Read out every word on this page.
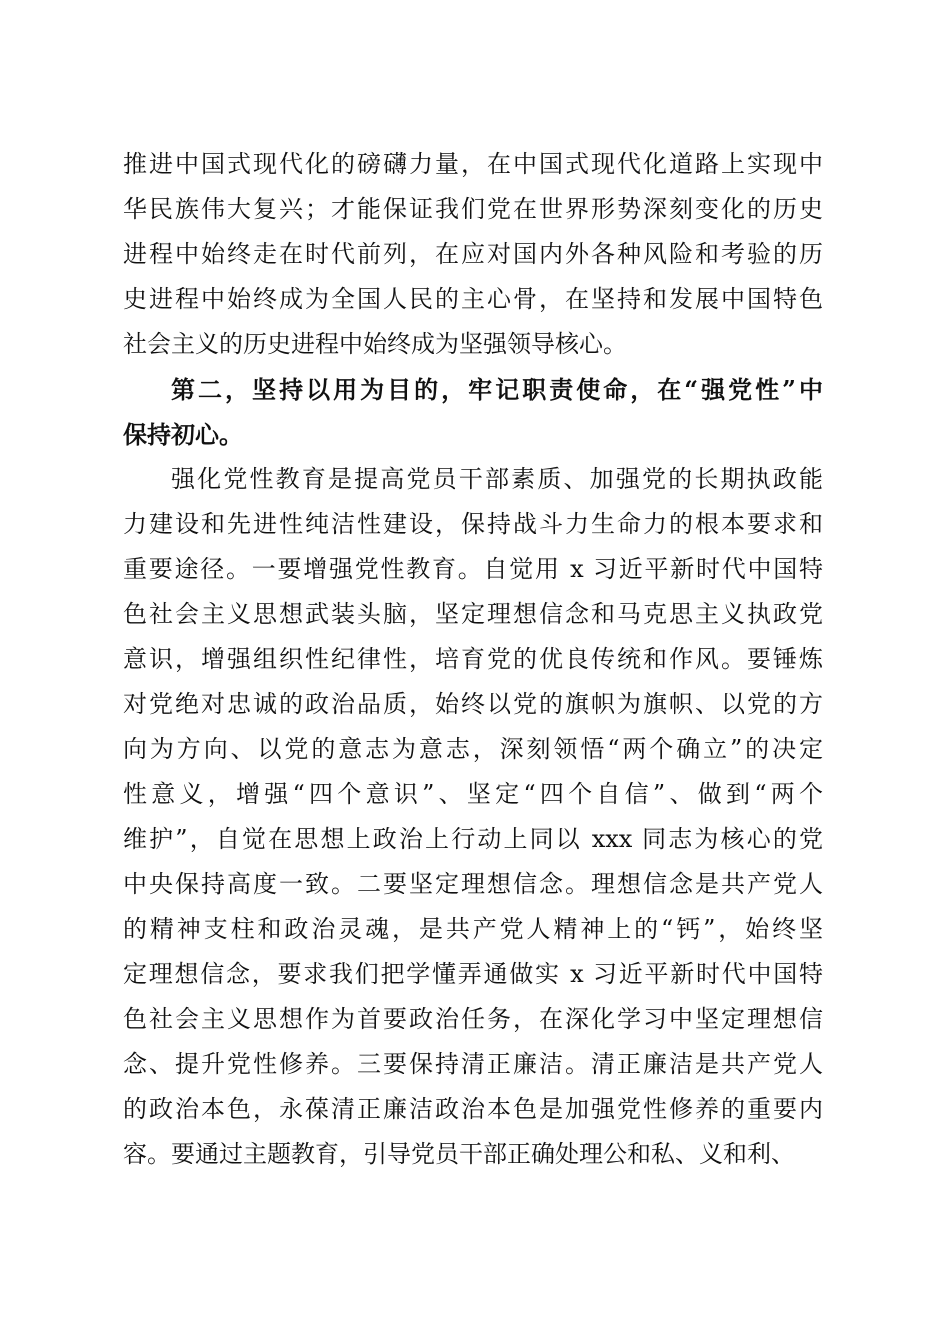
推进中国式现代化的磅礴力量，在中国式现代化道路上实现中
华民族伟大复兴；才能保证我们党在世界形势深刻变化的历史
进程中始终走在时代前列，在应对国内外各种风险和考验的历
史进程中始终成为全国人民的主心骨，在坚持和发展中国特色
社会主义的历史进程中始终成为坚强领导核心。
第二，坚持以用为目的，牢记职责使命，在“强党性”中
保持初心。
强化党性教育是提高党员干部素质、加强党的长期执政能
力建设和先进性纯洁性建设，保持战斗力生命力的根本要求和
重要途径。一要增强党性教育。自觉用 x 习近平新时代中国特
色社会主义思想武装头脑，坚定理想信念和马克思主义执政党
意识，增强组织性纪律性，培育党的优良传统和作风。要锤炼
对党绝对忠诚的政治品质，始终以党的旗帜为旗帜、以党的方
向为方向、以党的意志为意志，深刻领悟“两个确立”的决定
性意义，增强“四个意识”、坚定“四个自信”、做到“两个
维护”，自觉在思想上政治上行动上同以 xxx 同志为核心的党
中央保持高度一致。二要坚定理想信念。理想信念是共产党人
的精神支柱和政治灵魂，是共产党人精神上的“钙”，始终坚
定理想信念，要求我们把学懂弄通做实 x 习近平新时代中国特
色社会主义思想作为首要政治任务，在深化学习中坚定理想信
念、提升党性修养。三要保持清正廉洁。清正廉洁是共产党人
的政治本色，永葆清正廉洁政治本色是加强党性修养的重要内
容。要通过主题教育，引导党员干部正确处理公和私、义和利、
